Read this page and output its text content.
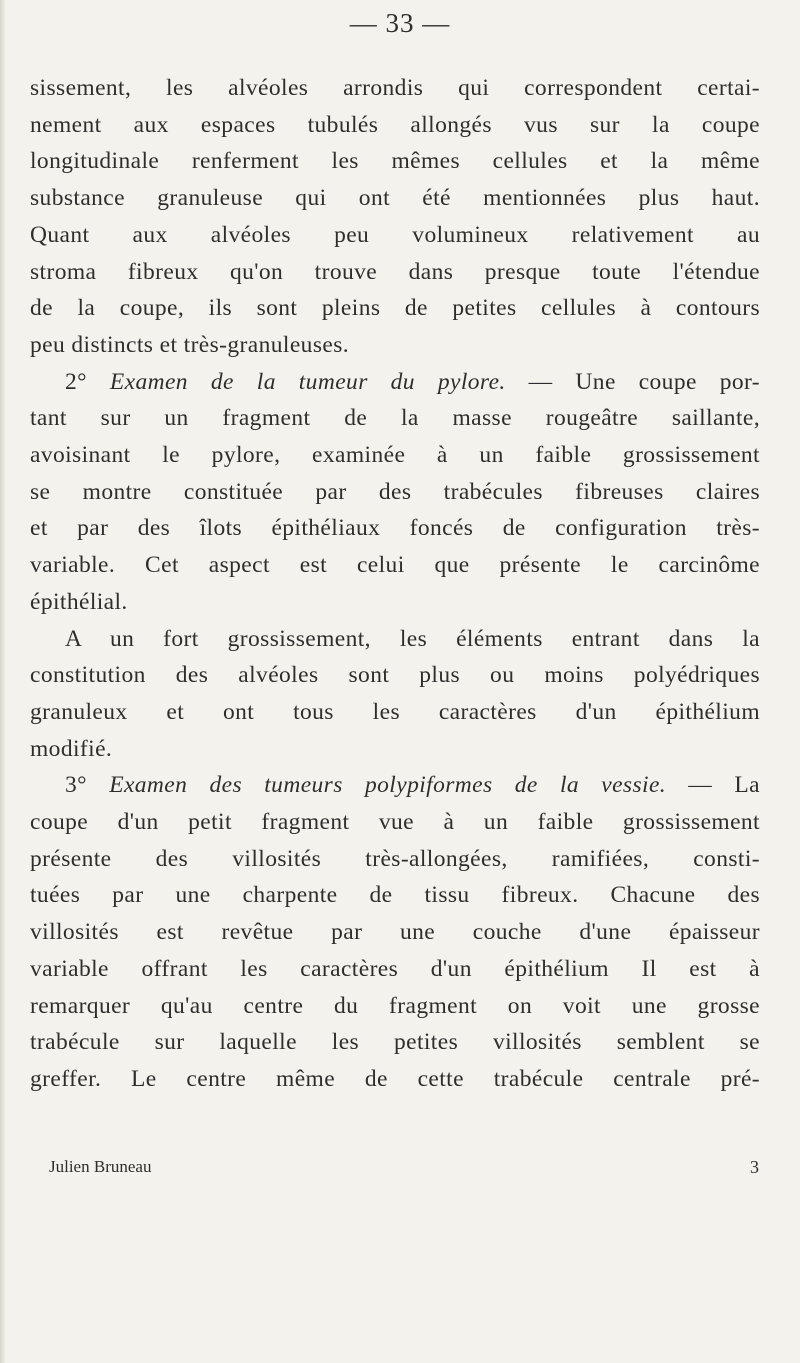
— 33 —

sissement, les alvéoles arrondis qui correspondent certai-
nement aux espaces tubulés allongés vus sur la coupe
longitudinale renferment les mêmes cellules et la même
substance granuleuse qui ont été mentionnées plus haut.
Quant aux alvéoles peu volumineux relativement au
stroma fibreux qu'on trouve dans presque toute l'étendue
de la coupe, ils sont pleins de petites cellules à contours
peu distincts et très-granuleuses.

2° Examen de la tumeur du pylore. — Une coupe por-
tant sur un fragment de la masse rougeâtre saillante,
avoisinant le pylore, examinée à un faible grossissement
se montre constituée par des trabécules fibreuses claires
et par des îlots épithéliaux foncés de configuration très-
variable. Cet aspect est celui que présente le carcinôme
épithélial.

A un fort grossissement, les éléments entrant dans la
constitution des alvéoles sont plus ou moins polyédriques
granuleux et ont tous les caractères d'un épithélium
modifié.

3° Examen des tumeurs polypiformes de la vessie. — La
coupe d'un petit fragment vue à un faible grossissement
présente des villosités très-allongées, ramifiées, consti-
tuées par une charpente de tissu fibreux. Chacune des
villosités est revêtue par une couche d'une épaisseur
variable offrant les caractères d'un épithélium Il est à
remarquer qu'au centre du fragment on voit une grosse
trabécule sur laquelle les petites villosités semblent se
greffer. Le centre même de cette trabécule centrale pré-

Julien Bruneau	3
